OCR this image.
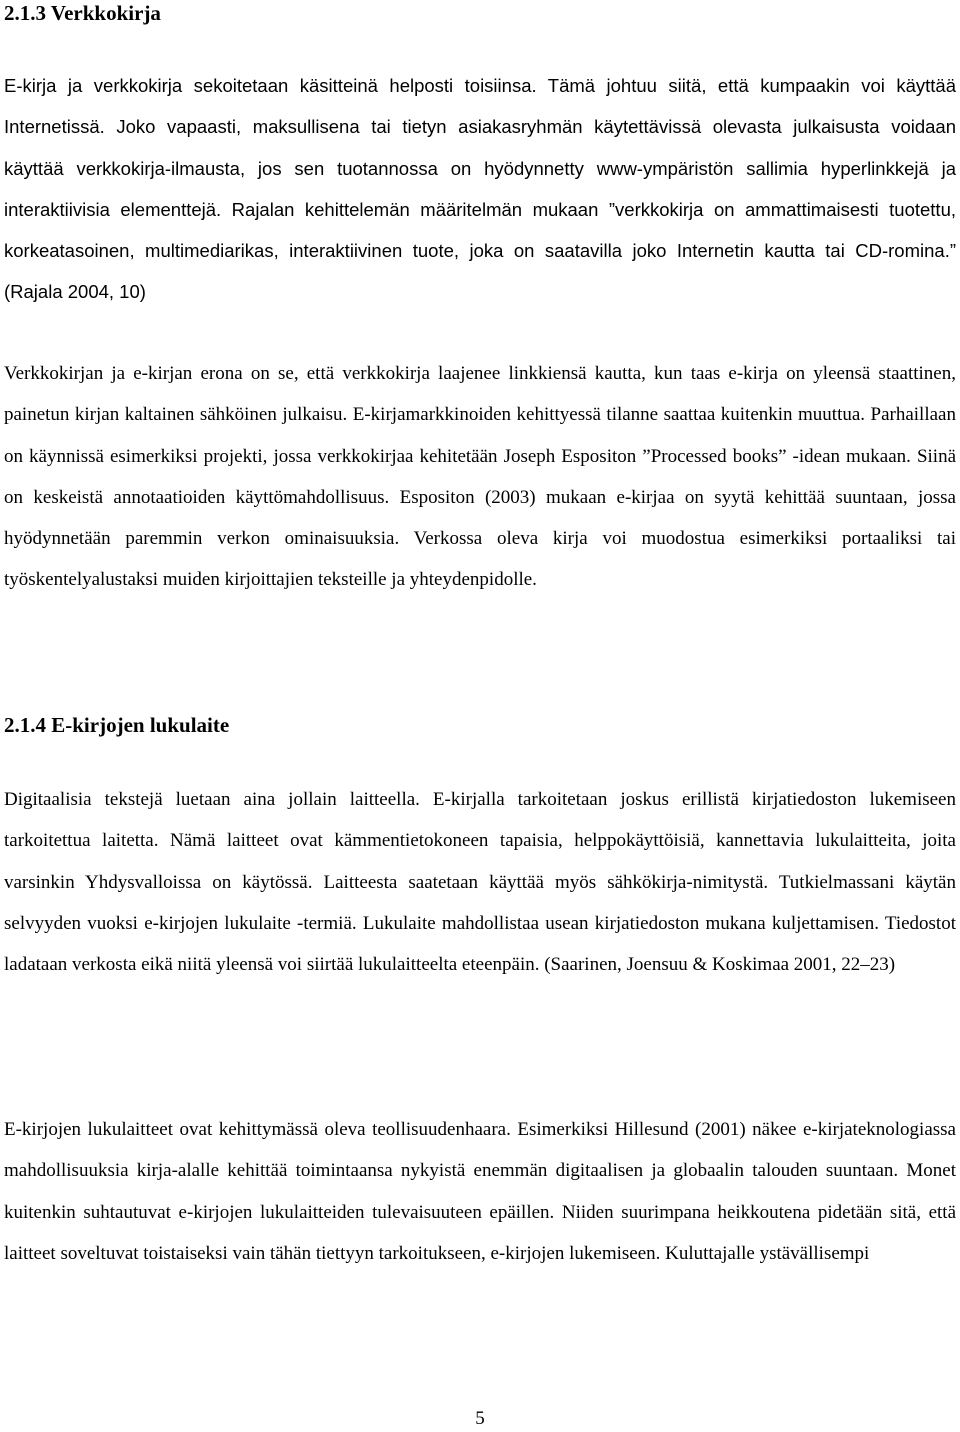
2.1.3 Verkkokirja

E-kirja ja verkkokirja sekoitetaan käsitteinä helposti toisiinsa. Tämä johtuu siitä, että kumpaakin voi käyttää Internetissä. Joko vapaasti, maksullisena tai tietyn asiakasryhmän käytettävissä olevasta julkaisusta voidaan käyttää verkkokirja-ilmausta, jos sen tuotannossa on hyödynnetty www-ympäristön sallimia hyperlinkkejä ja interaktiivisia elementtejä. Rajalan kehittelemän määritelmän mukaan ”verkkokirja on ammattimaisesti tuotettu, korkeatasoinen, multimediarikas, interaktiivinen tuote, joka on saatavilla joko Internetin kautta tai CD-romina.” (Rajala 2004, 10)

Verkkokirjan ja e-kirjan erona on se, että verkkokirja laajenee linkkiensä kautta, kun taas e-kirja on yleensä staattinen, painetun kirjan kaltainen sähköinen julkaisu. E-kirjamarkkinoiden kehittyessä tilanne saattaa kuitenkin muuttua. Parhaillaan on käynnissä esimerkiksi projekti, jossa verkkokirjaa kehitetään Joseph Espositon ”Processed books” -idean mukaan. Siinä on keskeistä annotaatioiden käyttömahdollisuus. Espositon (2003) mukaan e-kirjaa on syytä kehittää suuntaan, jossa hyödynnetään paremmin verkon ominaisuuksia. Verkossa oleva kirja voi muodostua esimerkiksi portaaliksi tai työskentelyalustaksi muiden kirjoittajien teksteille ja yhteydenpidolle.

2.1.4 E-kirjojen lukulaite

Digitaalisia tekstejä luetaan aina jollain laitteella. E-kirjalla tarkoitetaan joskus erillistä kirjatiedoston lukemiseen tarkoitettua laitetta. Nämä laitteet ovat kämmentietokoneen tapaisia, helppokäyttöisiä, kannettavia lukulaitteita, joita varsinkin Yhdysvalloissa on käytössä. Laitteesta saatetaan käyttää myös sähkökirja-nimitystä. Tutkielmassani käytän selvyyden vuoksi e-kirjojen lukulaite -termiä. Lukulaite mahdollistaa usean kirjatiedoston mukana kuljettamisen. Tiedostot ladataan verkosta eikä niitä yleensä voi siirtää lukulaitteelta eteenpäin. (Saarinen, Joensuu & Koskimaa 2001, 22–23)

E-kirjojen lukulaitteet ovat kehittymässä oleva teollisuudenhaara. Esimerkiksi Hillesund (2001) näkee e-kirjateknologiassa mahdollisuuksia kirja-alalle kehittää toimintaansa nykyistä enemmän digitaalisen ja globaalin talouden suuntaan. Monet kuitenkin suhtautuvat e-kirjojen lukulaitteiden tulevaisuuteen epäillen. Niiden suurimpana heikkoutena pidetään sitä, että laitteet soveltuvat toistaiseksi vain tähän tiettyyn tarkoitukseen, e-kirjojen lukemiseen. Kuluttajalle ystävällisempi

5
